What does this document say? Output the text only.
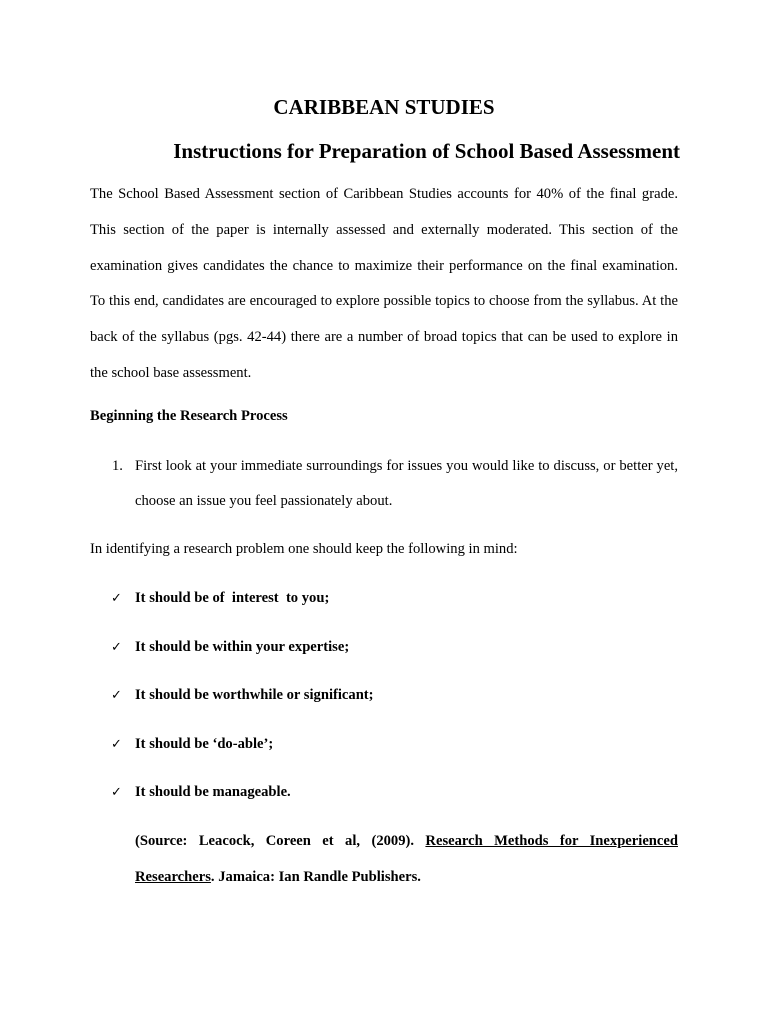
CARIBBEAN STUDIES
Instructions for Preparation of School Based Assessment

The School Based Assessment section of Caribbean Studies accounts for 40% of the final grade. This section of the paper is internally assessed and externally moderated. This section of the examination gives candidates the chance to maximize their performance on the final examination. To this end, candidates are encouraged to explore possible topics to choose from the syllabus. At the back of the syllabus (pgs. 42-44) there are a number of broad topics that can be used to explore in the school base assessment.

Beginning the Research Process
1. First look at your immediate surroundings for issues you would like to discuss, or better yet, choose an issue you feel passionately about.

In identifying a research problem one should keep the following in mind:

✓ It should be of  interest  to you;
✓ It should be within your expertise;
✓ It should be worthwhile or significant;
✓ It should be ‘do-able’;
✓ It should be manageable.

(Source: Leacock, Coreen et al, (2009). Research Methods for Inexperienced Researchers. Jamaica: Ian Randle Publishers.
